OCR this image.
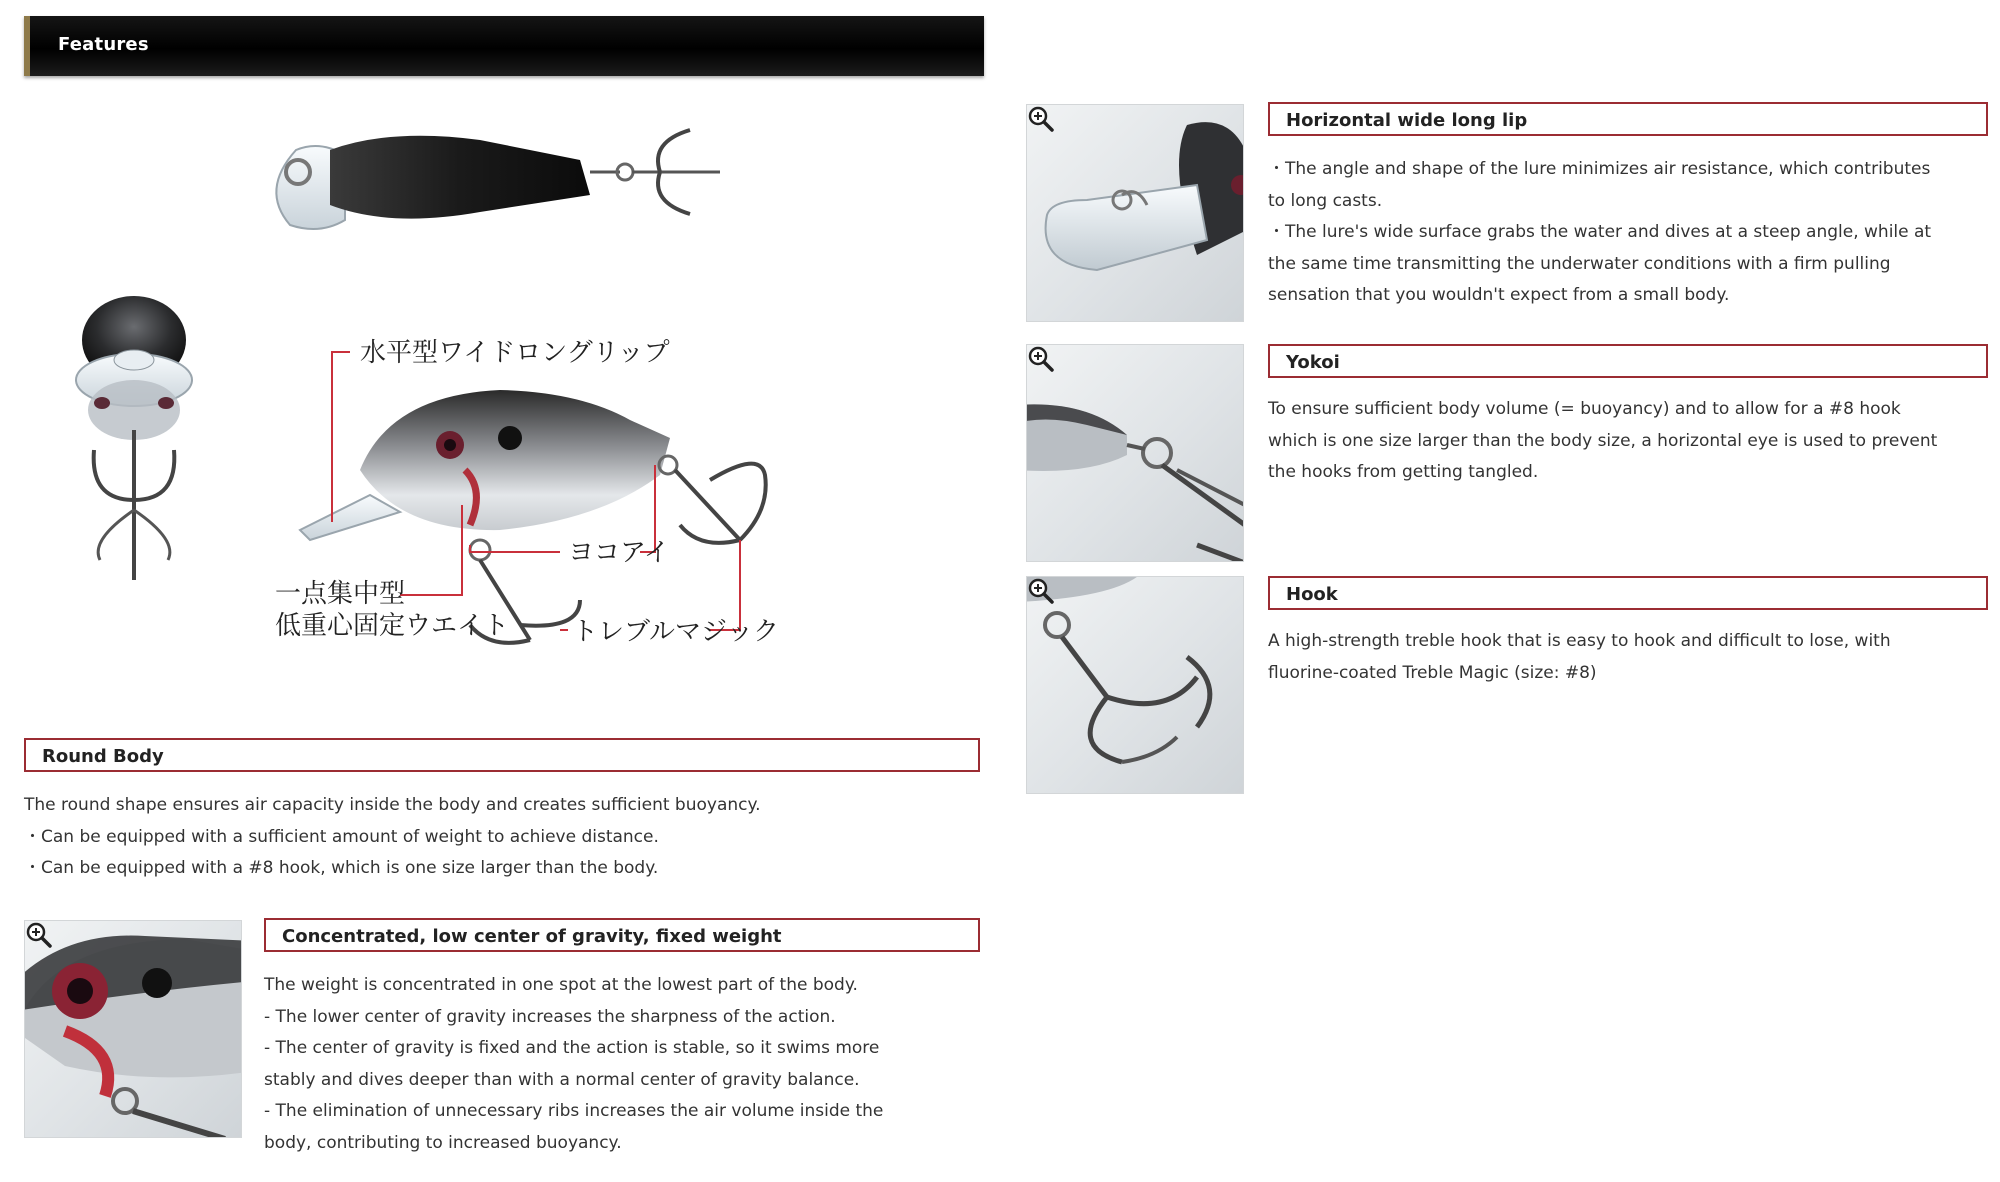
Features
水平型ワイドロングリップ
ヨコアイ
一点集中型
低重心固定ウエイト トレブルマジック
Round Body

The round shape ensures air capacity inside the body and creates sufficient buoyancy.
・Can be equipped with a sufficient amount of weight to achieve distance.
・Can be equipped with a #8 hook, which is one size larger than the body.

Concentrated, low center of gravity, fixed weight

The weight is concentrated in one spot at the lowest part of the body.
- The lower center of gravity increases the sharpness of the action.
- The center of gravity is fixed and the action is stable, so it swims more
stably and dives deeper than with a normal center of gravity balance.
- The elimination of unnecessary ribs increases the air volume inside the
body, contributing to increased buoyancy.

Horizontal wide long lip

・The angle and shape of the lure minimizes air resistance, which contributes
to long casts.
・The lure's wide surface grabs the water and dives at a steep angle, while at
the same time transmitting the underwater conditions with a firm pulling
sensation that you wouldn't expect from a small body.

Yokoi

To ensure sufficient body volume (= buoyancy) and to allow for a #8 hook
which is one size larger than the body size, a horizontal eye is used to prevent
the hooks from getting tangled.

Hook

A high-strength treble hook that is easy to hook and difficult to lose, with
fluorine-coated Treble Magic (size: #8)
